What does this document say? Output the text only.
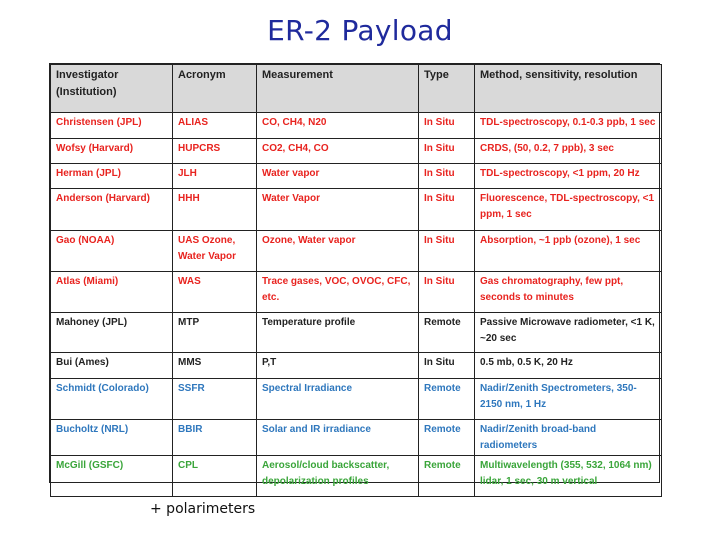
ER-2 Payload
Investigator (Institution)	Acronym	Measurement	Type	Method, sensitivity, resolution
Christensen (JPL)	ALIAS	CO, CH4, N20	In Situ	TDL-spectroscopy, 0.1-0.3 ppb, 1 sec
Wofsy (Harvard)	HUPCRS	CO2, CH4, CO	In Situ	CRDS, (50, 0.2, 7 ppb), 3 sec
Herman (JPL)	JLH	Water vapor	In Situ	TDL-spectroscopy, <1 ppm, 20 Hz
Anderson (Harvard)	HHH	Water Vapor	In Situ	Fluorescence, TDL-spectroscopy, <1 ppm, 1 sec
Gao (NOAA)	UAS Ozone, Water Vapor	Ozone, Water vapor	In Situ	Absorption, ~1 ppb (ozone), 1 sec
Atlas (Miami)	WAS	Trace gases, VOC, OVOC, CFC, etc.	In Situ	Gas chromatography, few ppt, seconds to minutes
Mahoney (JPL)	MTP	Temperature profile	Remote	Passive Microwave radiometer, <1 K, ~20 sec
Bui (Ames)	MMS	P,T	In Situ	0.5 mb, 0.5 K, 20 Hz
Schmidt (Colorado)	SSFR	Spectral Irradiance	Remote	Nadir/Zenith Spectrometers, 350-2150 nm, 1 Hz
Bucholtz (NRL)	BBIR	Solar and IR irradiance	Remote	Nadir/Zenith broad-band radiometers
McGill (GSFC)	CPL	Aerosol/cloud backscatter, depolarization profiles	Remote	Multiwavelength (355, 532, 1064 nm) lidar, 1 sec, 30 m vertical
+ polarimeters
